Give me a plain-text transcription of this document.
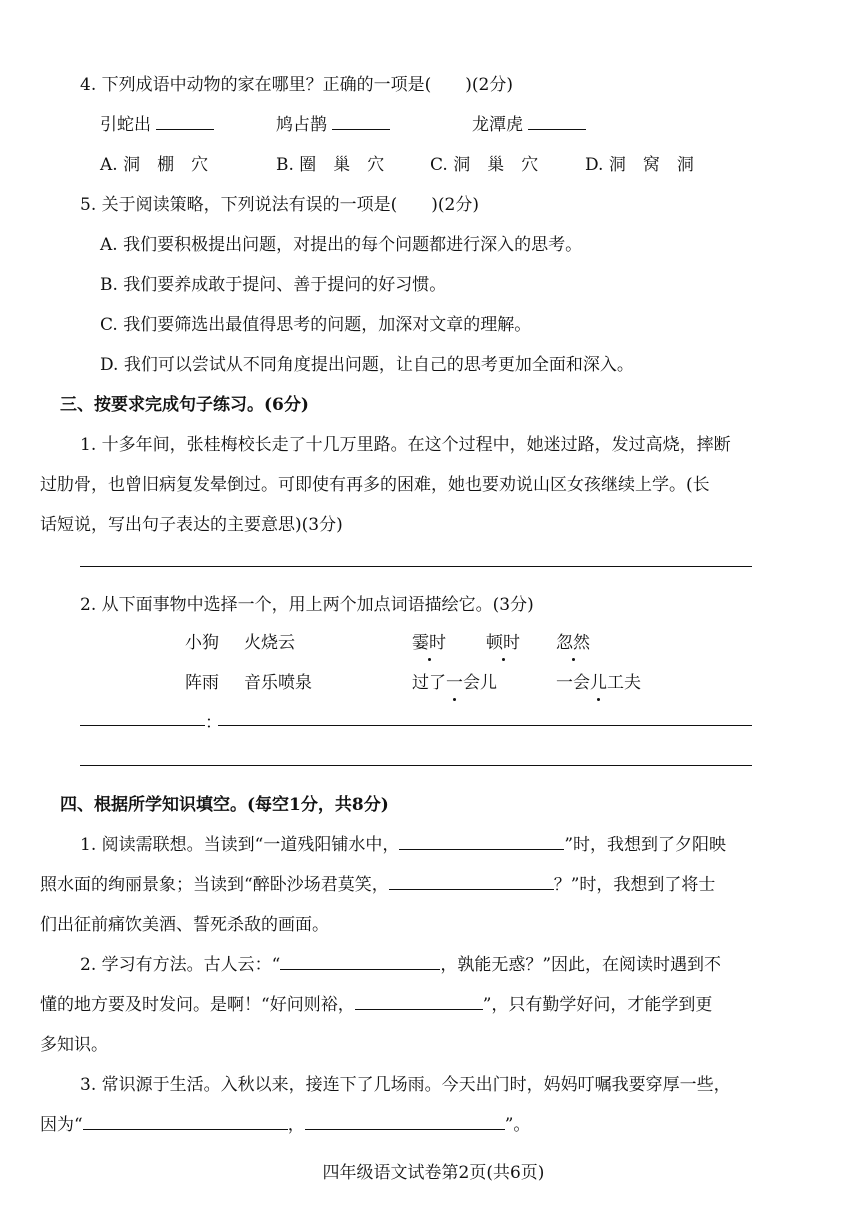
4. 下列成语中动物的家在哪里？正确的一项是(　　)(2分)
引蛇出	鸠占鹊	龙潭虎
A. 洞　棚　穴	B. 圈　巢　穴	C. 洞　巢　穴	D. 洞　窝　洞
5. 关于阅读策略，下列说法有误的一项是(　　)(2分)
A. 我们要积极提出问题，对提出的每个问题都进行深入的思考。
B. 我们要养成敢于提问、善于提问的好习惯。
C. 我们要筛选出最值得思考的问题，加深对文章的理解。
D. 我们可以尝试从不同角度提出问题，让自己的思考更加全面和深入。
三、按要求完成句子练习。(6分)
1. 十多年间，张桂梅校长走了十几万里路。在这个过程中，她迷过路，发过高烧，摔断
过肋骨，也曾旧病复发晕倒过。可即使有再多的困难，她也要劝说山区女孩继续上学。(长
话短说，写出句子表达的主要意思)(3分)
2. 从下面事物中选择一个，用上两个加点词语描绘它。(3分)
小狗 火烧云
阵雨 音乐喷泉
霎时 顿时 忽然
过了一会儿	一会儿工夫
：
四、根据所学知识填空。(每空1分，共8分)
1. 阅读需联想。当读到“一道残阳铺水中，	”时，我想到了夕阳映
照水面的绚丽景象；当读到“醉卧沙场君莫笑，	？”时，我想到了将士
们出征前痛饮美酒、誓死杀敌的画面。
2. 学习有方法。古人云：“	，孰能无惑？”因此，在阅读时遇到不
懂的地方要及时发问。是啊！“好问则裕，	”，只有勤学好问，才能学到更
多知识。
3. 常识源于生活。入秋以来，接连下了几场雨。今天出门时，妈妈叮嘱我要穿厚一些，
因为“	，	”。
四年级语文试卷第2页(共6页)
